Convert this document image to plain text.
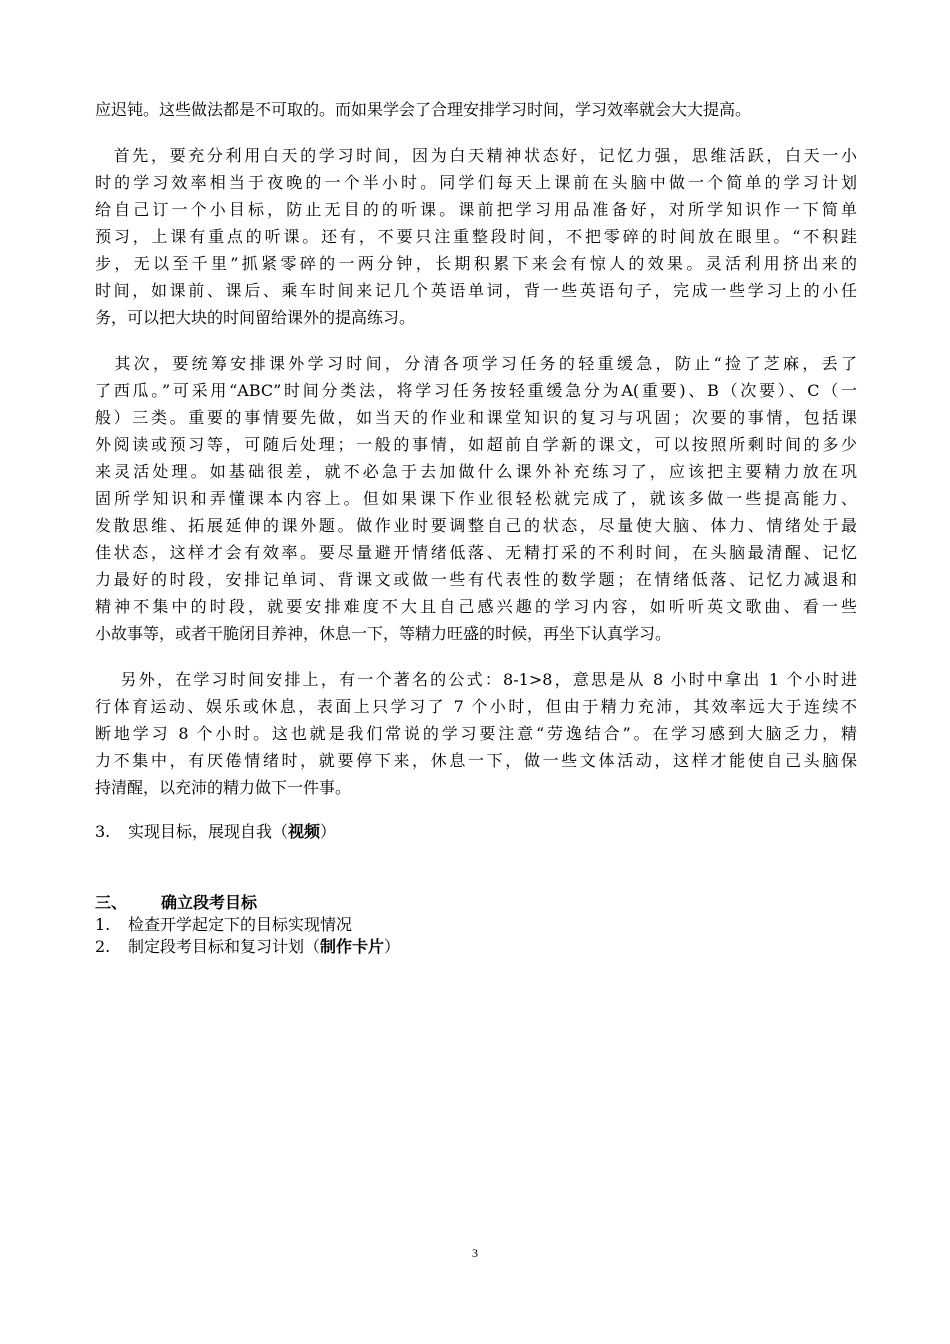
应迟钝。这些做法都是不可取的。而如果学会了合理安排学习时间，学习效率就会大大提高。
　首先，要充分利用白天的学习时间，因为白天精神状态好，记忆力强，思维活跃，白天一小
时的学习效率相当于夜晚的一个半小时。同学们每天上课前在头脑中做一个简单的学习计划
给自己订一个小目标，防止无目的的听课。课前把学习用品准备好，对所学知识作一下简单
预习，上课有重点的听课。还有，不要只注重整段时间，不把零碎的时间放在眼里。“不积跬
步，无以至千里”抓紧零碎的一两分钟，长期积累下来会有惊人的效果。灵活利用挤出来的
时间，如课前、课后、乘车时间来记几个英语单词，背一些英语句子，完成一些学习上的小任
务，可以把大块的时间留给课外的提高练习。
　其次，要统筹安排课外学习时间，分清各项学习任务的轻重缓急，防止“捡了芝麻，丢了
了西瓜。”可采用“ABC”时间分类法，将学习任务按轻重缓急分为A(重要)、B（次要）、C（一
般）三类。重要的事情要先做，如当天的作业和课堂知识的复习与巩固；次要的事情，包括课
外阅读或预习等，可随后处理；一般的事情，如超前自学新的课文，可以按照所剩时间的多少
来灵活处理。如基础很差，就不必急于去加做什么课外补充练习了，应该把主要精力放在巩
固所学知识和弄懂课本内容上。但如果课下作业很轻松就完成了，就该多做一些提高能力、
发散思维、拓展延伸的课外题。做作业时要调整自己的状态，尽量使大脑、体力、情绪处于最
佳状态，这样才会有效率。要尽量避开情绪低落、无精打采的不利时间，在头脑最清醒、记忆
力最好的时段，安排记单词、背课文或做一些有代表性的数学题；在情绪低落、记忆力减退和
精神不集中的时段，就要安排难度不大且自己感兴趣的学习内容，如听听英文歌曲、看一些
小故事等，或者干脆闭目养神，休息一下，等精力旺盛的时候，再坐下认真学习。
　 另外，在学习时间安排上，有一个著名的公式：8-1>8，意思是从 8 小时中拿出 1 个小时进
行体育运动、娱乐或休息，表面上只学习了 7 个小时，但由于精力充沛，其效率远大于连续不
断地学习 8 个小时。这也就是我们常说的学习要注意“劳逸结合”。在学习感到大脑乏力，精
力不集中，有厌倦情绪时，就要停下来，休息一下，做一些文体活动，这样才能使自己头脑保
持清醒，以充沛的精力做下一件事。
3. 实现目标，展现自我（视频）
三、 确立段考目标
1. 检查开学起定下的目标实现情况
2. 制定段考目标和复习计划（制作卡片）
3
